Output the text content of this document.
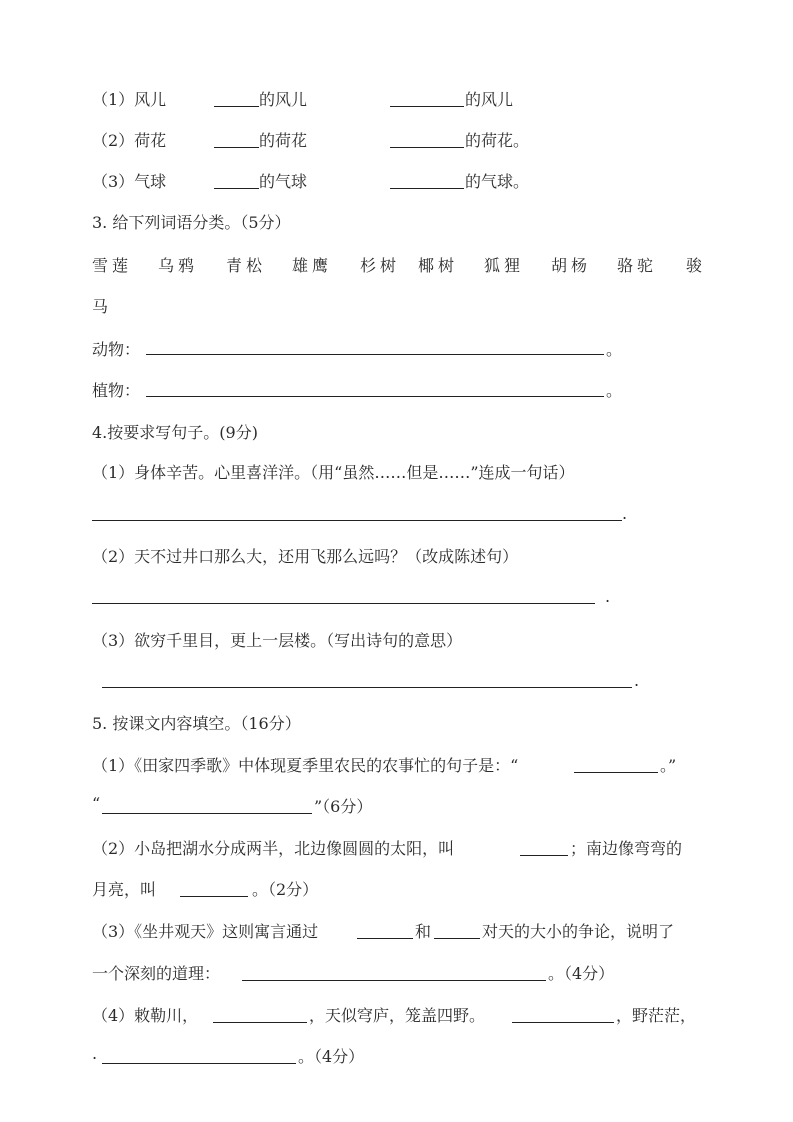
（1）风儿	的风儿	的风儿
（2）荷花	的荷花	的荷花。
（3）气球	的气球	的气球。
3. 给下列词语分类。（5分）
雪莲 乌鸦 青松 雄鹰 杉树 椰树 狐狸 胡杨 骆驼 骏
马
动物：	。
植物：	。
4.按要求写句子。(9分)
（1）身体辛苦。心里喜洋洋。（用“虽然……但是……”连成一句话）
.
（2）天不过井口那么大，还用飞那么远吗？（改成陈述句）
.
（3）欲穷千里目，更上一层楼。（写出诗句的意思）
.
5. 按课文内容填空。（16分）
（1）《田家四季歌》中体现夏季里农民的农事忙的句子是：“	。”
“	”（6分）
（2）小岛把湖水分成两半，北边像圆圆的太阳，叫	；南边像弯弯的
月亮，叫	。（2分）
（3）《坐井观天》这则寓言通过	和	对天的大小的争论，说明了
一个深刻的道理：	。（4分）
（4）敕勒川，	，天似穹庐，笼盖四野。	，野茫茫，
.	。（4分）
